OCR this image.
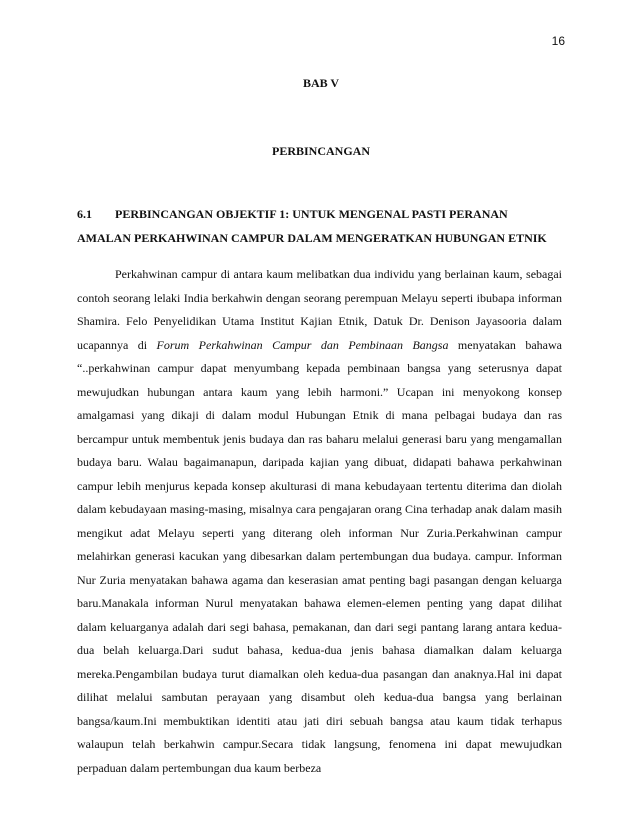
16
BAB V
PERBINCANGAN
6.1 PERBINCANGAN OBJEKTIF 1: UNTUK MENGENAL PASTI PERANAN AMALAN PERKAHWINAN CAMPUR DALAM MENGERATKAN HUBUNGAN ETNIK

Perkahwinan campur di antara kaum melibatkan dua individu yang berlainan kaum, sebagai contoh seorang lelaki India berkahwin dengan seorang perempuan Melayu seperti ibubapa informan Shamira. Felo Penyelidikan Utama Institut Kajian Etnik, Datuk Dr. Denison Jayasooria dalam ucapannya di Forum Perkahwinan Campur dan Pembinaan Bangsa menyatakan bahawa “..perkahwinan campur dapat menyumbang kepada pembinaan bangsa yang seterusnya dapat mewujudkan hubungan antara kaum yang lebih harmoni.” Ucapan ini menyokong konsep amalgamasi yang dikaji di dalam modul Hubungan Etnik di mana pelbagai budaya dan ras bercampur untuk membentuk jenis budaya dan ras baharu melalui generasi baru yang mengamallan budaya baru. Walau bagaimanapun, daripada kajian yang dibuat, didapati bahawa perkahwinan campur lebih menjurus kepada konsep akulturasi di mana kebudayaan tertentu diterima dan diolah dalam kebudayaan masing-masing, misalnya cara pengajaran orang Cina terhadap anak dalam masih mengikut adat Melayu seperti yang diterang oleh informan Nur Zuria.Perkahwinan campur melahirkan generasi kacukan yang dibesarkan dalam pertembungan dua budaya. campur. Informan Nur Zuria menyatakan bahawa agama dan keserasian amat penting bagi pasangan dengan keluarga baru.Manakala informan Nurul menyatakan bahawa elemen-elemen penting yang dapat dilihat dalam keluarganya adalah dari segi bahasa, pemakanan, dan dari segi pantang larang antara kedua-dua belah keluarga.Dari sudut bahasa, kedua-dua jenis bahasa diamalkan dalam keluarga mereka.Pengambilan budaya turut diamalkan oleh kedua-dua pasangan dan anaknya.Hal ini dapat dilihat melalui sambutan perayaan yang disambut oleh kedua-dua bangsa yang berlainan bangsa/kaum.Ini membuktikan identiti atau jati diri sebuah bangsa atau kaum tidak terhapus walaupun telah berkahwin campur.Secara tidak langsung, fenomena ini dapat mewujudkan perpaduan dalam pertembungan dua kaum berbeza
